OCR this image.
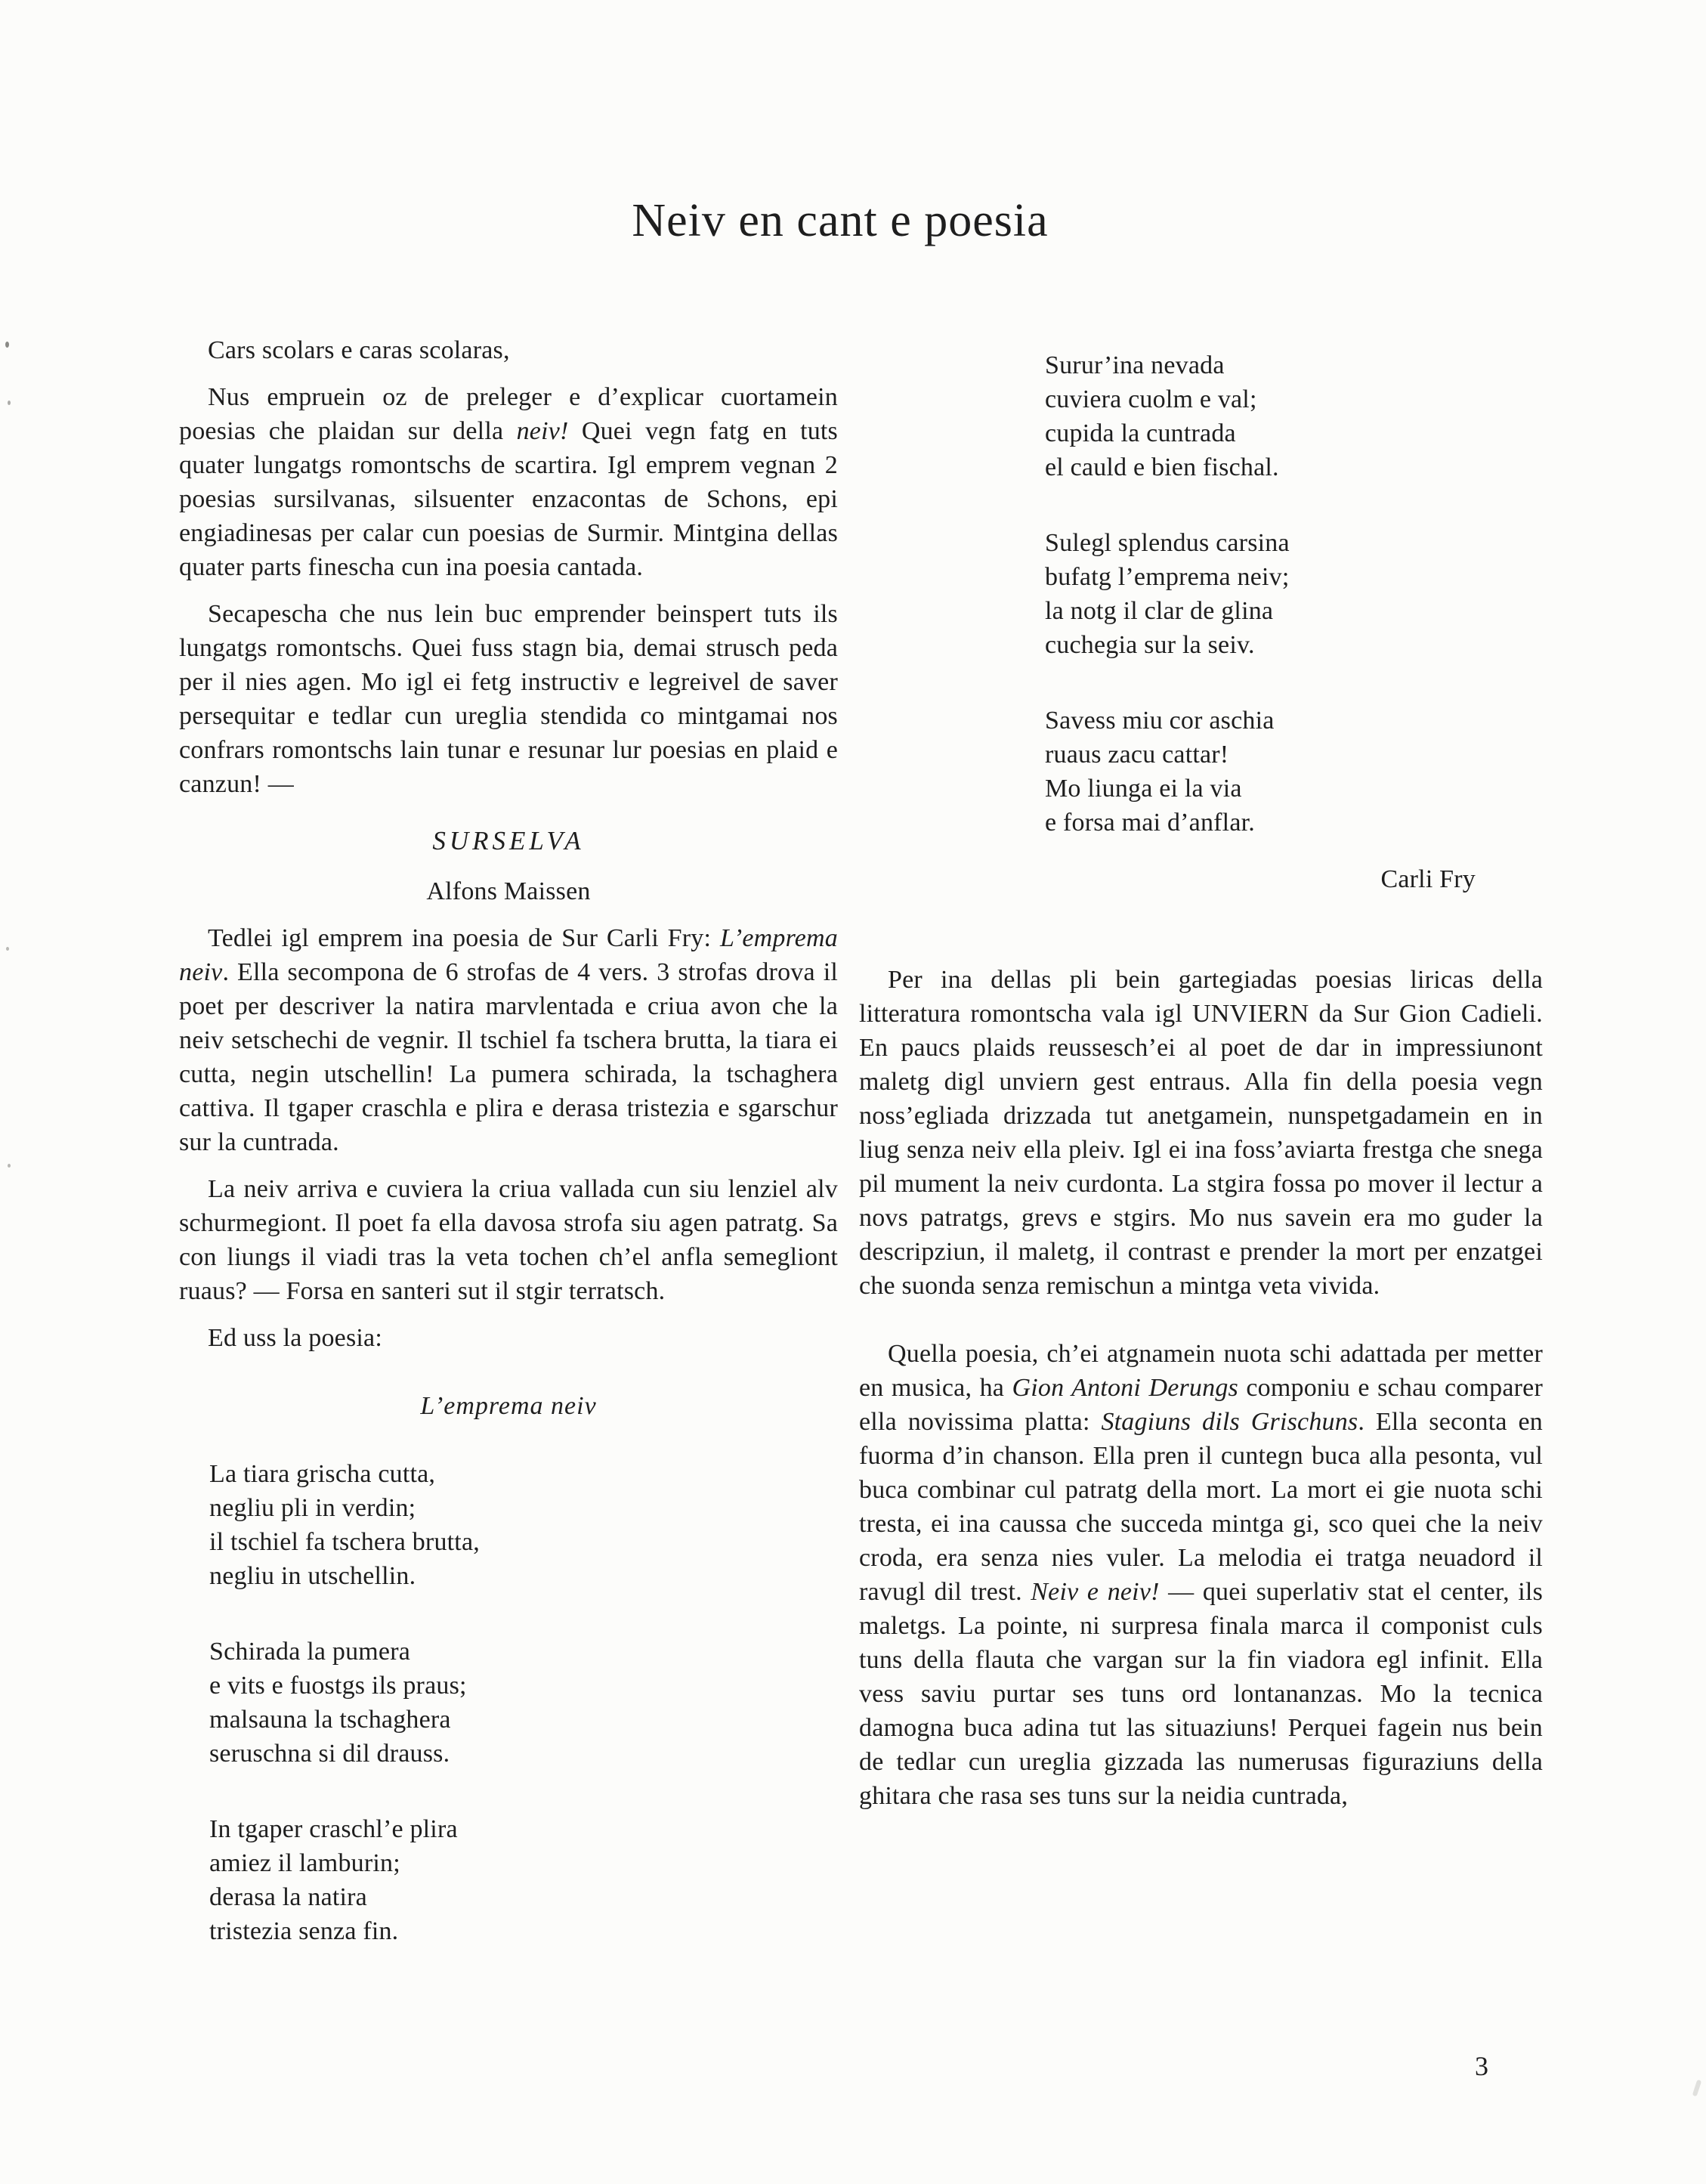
Neiv en cant e poesia

Cars scolars e caras scolaras,

Nus empruein oz de preleger e d’explicar cuortamein poesias che plaidan sur della neiv! Quei vegn fatg en tuts quater lungatgs romontschs de scartira. Igl emprem vegnan 2 poesias sursilvanas, silsuenter enzacontas de Schons, epi engiadinesas per calar cun poesias de Surmir. Mintgina dellas quater parts finescha cun ina poesia cantada.

Secapescha che nus lein buc emprender beinspert tuts ils lungatgs romontschs. Quei fuss stagn bia, demai strusch peda per il nies agen. Mo igl ei fetg instructiv e legreivel de saver persequitar e tedlar cun ureglia stendida co mintgamai nos confrars romontschs lain tunar e resunar lur poesias en plaid e canzun! —

SURSELVA

Alfons Maissen

Tedlei igl emprem ina poesia de Sur Carli Fry: L’emprema neiv. Ella secompona de 6 strofas de 4 vers. 3 strofas drova il poet per descriver la natira marvlentada e criua avon che la neiv setschechi de vegnir. Il tschiel fa tschera brutta, la tiara ei cutta, negin utschellin! La pumera schirada, la tschaghera cattiva. Il tgaper craschla e plira e derasa tristezia e sgarschur sur la cuntrada.

La neiv arriva e cuviera la criua vallada cun siu lenziel alv schurmegiont. Il poet fa ella davosa strofa siu agen patratg. Sa con liungs il viadi tras la veta tochen ch’el anfla semegliont ruaus? — Forsa en santeri sut il stgir terratsch.

Ed uss la poesia:

L’emprema neiv

La tiara grischa cutta,
negliu pli in verdin;
il tschiel fa tschera brutta,
negliu in utschellin.

Schirada la pumera
e vits e fuostgs ils praus;
malsauna la tschaghera
seruschna si dil drauss.

In tgaper craschl’e plira
amiez il lamburin;
derasa la natira
tristezia senza fin.

Surur’ina nevada
cuviera cuolm e val;
cupida la cuntrada
el cauld e bien fischal.

Sulegl splendus carsina
bufatg l’emprema neiv;
la notg il clar de glina
cuchegia sur la seiv.

Savess miu cor aschia
ruaus zacu cattar!
Mo liunga ei la via
e forsa mai d’anflar.

Carli Fry

Per ina dellas pli bein gartegiadas poesias liricas della litteratura romontscha vala igl UNVIERN da Sur Gion Cadieli. En paucs plaids reussesch’ei al poet de dar in impressiunont maletg digl unviern gest entraus. Alla fin della poesia vegn noss’egliada drizzada tut anetgamein, nunspetgadamein en in liug senza neiv ella pleiv. Igl ei ina foss’aviarta frestga che snega pil mument la neiv curdonta. La stgira fossa po mover il lectur a novs patratgs, grevs e stgirs. Mo nus savein era mo guder la descripziun, il maletg, il contrast e prender la mort per enzatgei che suonda senza remischun a mintga veta vivida.

Quella poesia, ch’ei atgnamein nuota schi adattada per metter en musica, ha Gion Antoni Derungs componiu e schau comparer ella novissima platta: Stagiuns dils Grischuns. Ella seconta en fuorma d’in chanson. Ella pren il cuntegn buca alla pesonta, vul buca combinar cul patratg della mort. La mort ei gie nuota schi tresta, ei ina caussa che succeda mintga gi, sco quei che la neiv croda, era senza nies vuler. La melodia ei tratga neuadord il ravugl dil trest. Neiv e neiv! — quei superlativ stat el center, ils maletgs. La pointe, ni surpresa finala marca il componist culs tuns della flauta che vargan sur la fin viadora egl infinit. Ella vess saviu purtar ses tuns ord lontananzas. Mo la tecnica damogna buca adina tut las situaziuns! Perquei fagein nus bein de tedlar cun ureglia gizzada las numerusas figuraziuns della ghitara che rasa ses tuns sur la neidia cuntrada,

3
